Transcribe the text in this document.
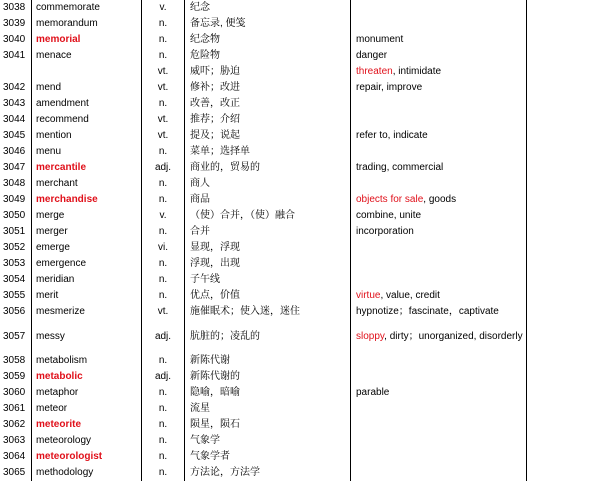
3038	commemorate	v.	纪念		
3039	memorandum	n.	备忘录, 便笺		
3040	memorial	n.	纪念物	monument	
3041	menace	n.	危险物	danger	
		vt.	威吓；胁迫	threaten, intimidate	
3042	mend	vt.	修补；改进	repair, improve	
3043	amendment	n.	改善，改正		
3044	recommend	vt.	推荐；介绍		
3045	mention	vt.	提及；说起	refer to, indicate	
3046	menu	n.	菜单；选择单		
3047	mercantile	adj.	商业的，贸易的	trading, commercial	
3048	merchant	n.	商人		
3049	merchandise	n.	商品	objects for sale, goods	
3050	merge	v.	（使）合并，（使）融合	combine, unite	
3051	merger	n.	合并	incorporation	
3052	emerge	vi.	显现，浮现		
3053	emergence	n.	浮现，出现		
3054	meridian	n.	子午线		
3055	merit	n.	优点，价值	virtue, value, credit	
3056	mesmerize	vt.	施催眠术；使入迷，迷住	hypnotize；fascinate，captivate	
3057	messy	adj.	肮脏的；凌乱的	sloppy, dirty；unorganized, disorderly	
3058	metabolism	n.	新陈代谢		
3059	metabolic	adj.	新陈代谢的		
3060	metaphor	n.	隐喻，暗喻	parable	
3061	meteor	n.	流星		
3062	meteorite	n.	陨星，陨石		
3063	meteorology	n.	气象学		
3064	meteorologist	n.	气象学者		
3065	methodology	n.	方法论，方法学		
